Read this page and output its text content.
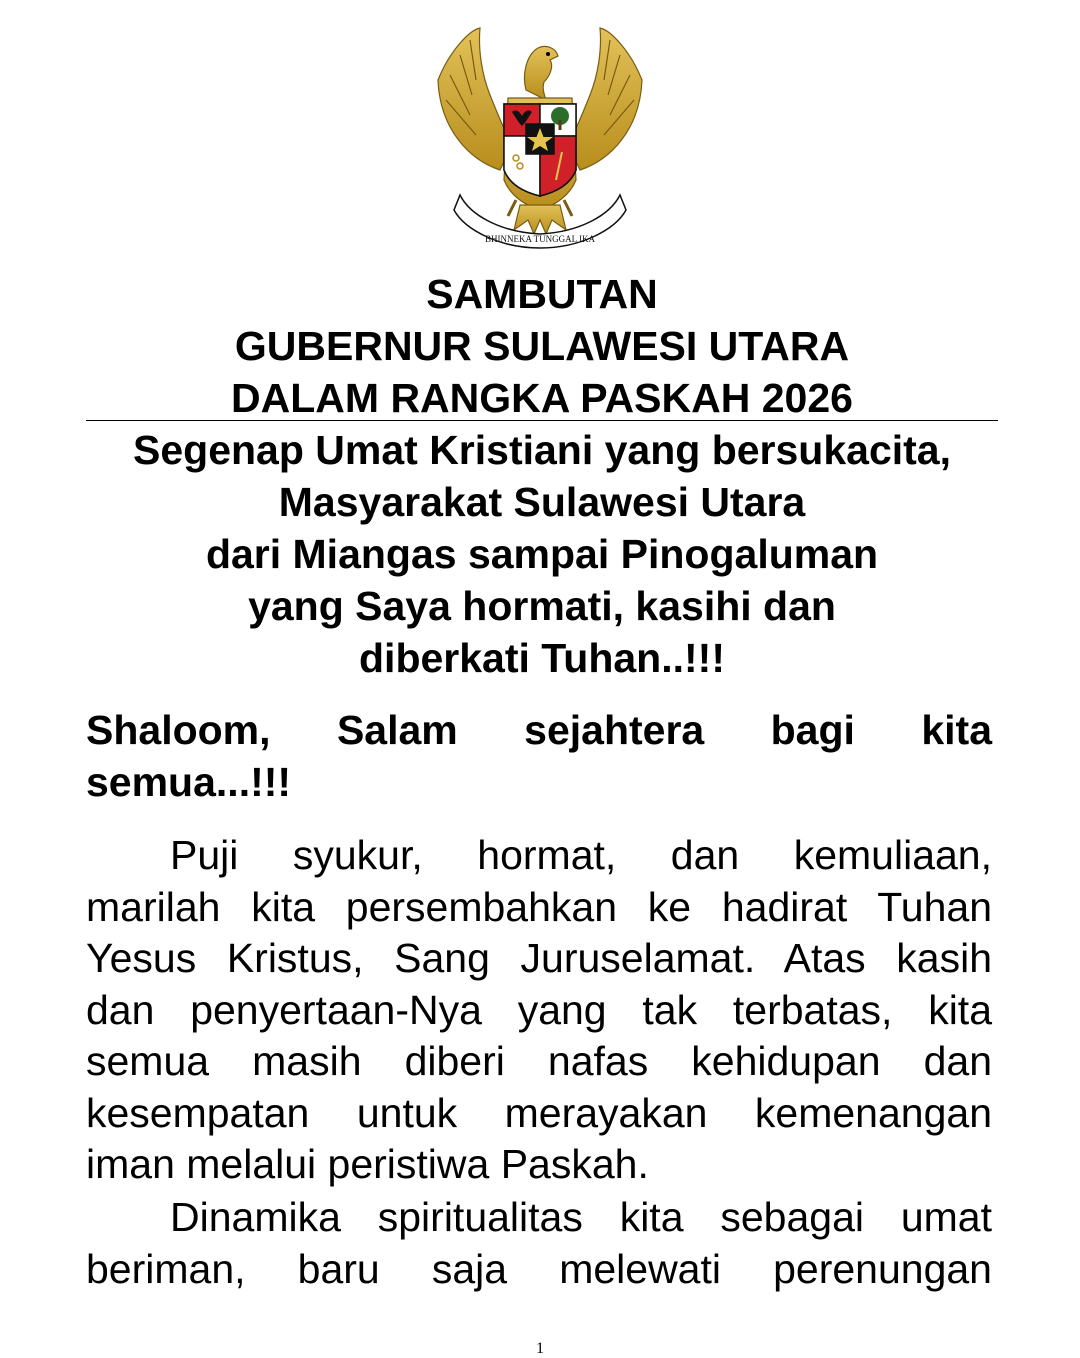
BHINNEKA TUNGGAL IKA
SAMBUTAN
GUBERNUR SULAWESI UTARA
DALAM RANGKA PASKAH 2026
Segenap Umat Kristiani yang bersukacita,
Masyarakat Sulawesi Utara
dari Miangas sampai Pinogaluman
yang Saya hormati, kasihi dan
diberkati Tuhan..!!!
Shaloom, Salam sejahtera bagi kita
semua...!!!
Puji syukur, hormat, dan kemuliaan,
marilah kita persembahkan ke hadirat Tuhan
Yesus Kristus, Sang Juruselamat. Atas kasih
dan penyertaan-Nya yang tak terbatas, kita
semua masih diberi nafas kehidupan dan
kesempatan untuk merayakan kemenangan
iman melalui peristiwa Paskah.
Dinamika spiritualitas kita sebagai umat
beriman, baru saja melewati perenungan
1
